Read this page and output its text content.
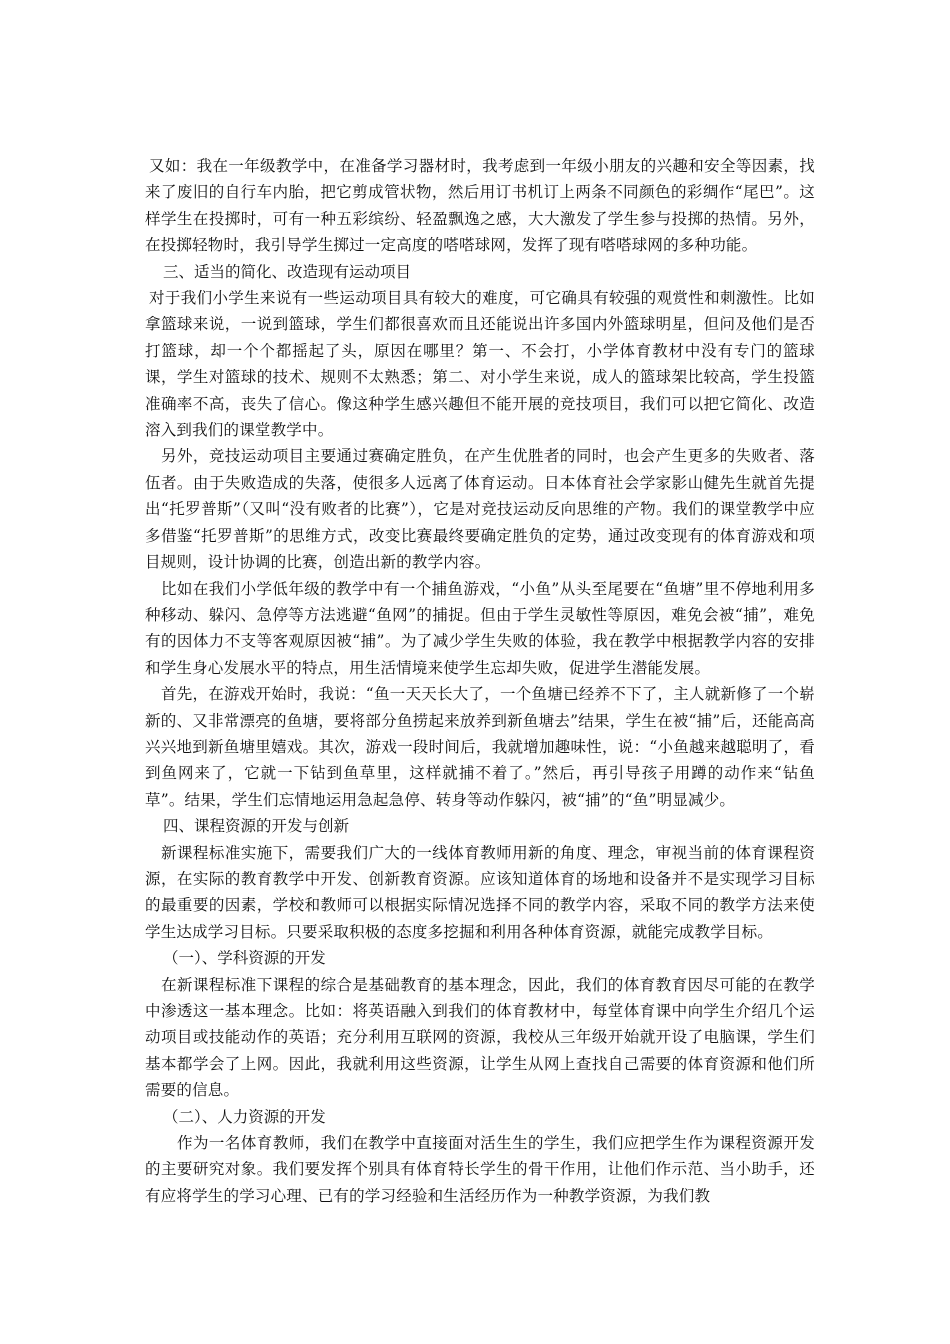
又如：我在一年级教学中，在准备学习器材时，我考虑到一年级小朋友的兴趣和安全等因素，找来了废旧的自行车内胎，把它剪成管状物，然后用订书机订上两条不同颜色的彩绸作“尾巴”。这样学生在投掷时，可有一种五彩缤纷、轻盈飘逸之感，大大激发了学生参与投掷的热情。另外，在投掷轻物时，我引导学生掷过一定高度的嗒嗒球网，发挥了现有嗒嗒球网的多种功能。

三、适当的简化、改造现有运动项目

对于我们小学生来说有一些运动项目具有较大的难度，可它确具有较强的观赏性和刺激性。比如拿篮球来说，一说到篮球，学生们都很喜欢而且还能说出许多国内外篮球明星，但问及他们是否打篮球，却一个个都摇起了头，原因在哪里？第一、不会打，小学体育教材中没有专门的篮球课，学生对篮球的技术、规则不太熟悉；第二、对小学生来说，成人的篮球架比较高，学生投篮准确率不高，丧失了信心。像这种学生感兴趣但不能开展的竞技项目，我们可以把它简化、改造溶入到我们的课堂教学中。

另外，竞技运动项目主要通过赛确定胜负，在产生优胜者的同时，也会产生更多的失败者、落伍者。由于失败造成的失落，使很多人远离了体育运动。日本体育社会学家影山健先生就首先提出“托罗普斯”（又叫“没有败者的比赛”），它是对竞技运动反向思维的产物。我们的课堂教学中应多借鉴“托罗普斯”的思维方式，改变比赛最终要确定胜负的定势，通过改变现有的体育游戏和项目规则，设计协调的比赛，创造出新的教学内容。

比如在我们小学低年级的教学中有一个捕鱼游戏，“小鱼”从头至尾要在“鱼塘”里不停地利用多种移动、躲闪、急停等方法逃避“鱼网”的捕捉。但由于学生灵敏性等原因，难免会被“捕”，难免有的因体力不支等客观原因被“捕”。为了减少学生失败的体验，我在教学中根据教学内容的安排和学生身心发展水平的特点，用生活情境来使学生忘却失败，促进学生潜能发展。

首先，在游戏开始时，我说：“鱼一天天长大了，一个鱼塘已经养不下了，主人就新修了一个崭新的、又非常漂亮的鱼塘，要将部分鱼捞起来放养到新鱼塘去”结果，学生在被“捕”后，还能高高兴兴地到新鱼塘里嬉戏。其次，游戏一段时间后，我就增加趣味性，说：“小鱼越来越聪明了，看到鱼网来了，它就一下钻到鱼草里，这样就捕不着了。”然后，再引导孩子用蹲的动作来“钻鱼草”。结果，学生们忘情地运用急起急停、转身等动作躲闪，被“捕”的“鱼”明显减少。

四、课程资源的开发与创新

新课程标准实施下，需要我们广大的一线体育教师用新的角度、理念，审视当前的体育课程资源，在实际的教育教学中开发、创新教育资源。应该知道体育的场地和设备并不是实现学习目标的最重要的因素，学校和教师可以根据实际情况选择不同的教学内容，采取不同的教学方法来使学生达成学习目标。只要采取积极的态度多挖掘和利用各种体育资源，就能完成教学目标。

（一）、学科资源的开发

在新课程标准下课程的综合是基础教育的基本理念，因此，我们的体育教育因尽可能的在教学中渗透这一基本理念。比如：将英语融入到我们的体育教材中，每堂体育课中向学生介绍几个运动项目或技能动作的英语；充分利用互联网的资源，我校从三年级开始就开设了电脑课，学生们基本都学会了上网。因此，我就利用这些资源，让学生从网上查找自己需要的体育资源和他们所需要的信息。

（二）、人力资源的开发

作为一名体育教师，我们在教学中直接面对活生生的学生，我们应把学生作为课程资源开发的主要研究对象。我们要发挥个别具有体育特长学生的骨干作用，让他们作示范、当小助手，还有应将学生的学习心理、已有的学习经验和生活经历作为一种教学资源，为我们教
